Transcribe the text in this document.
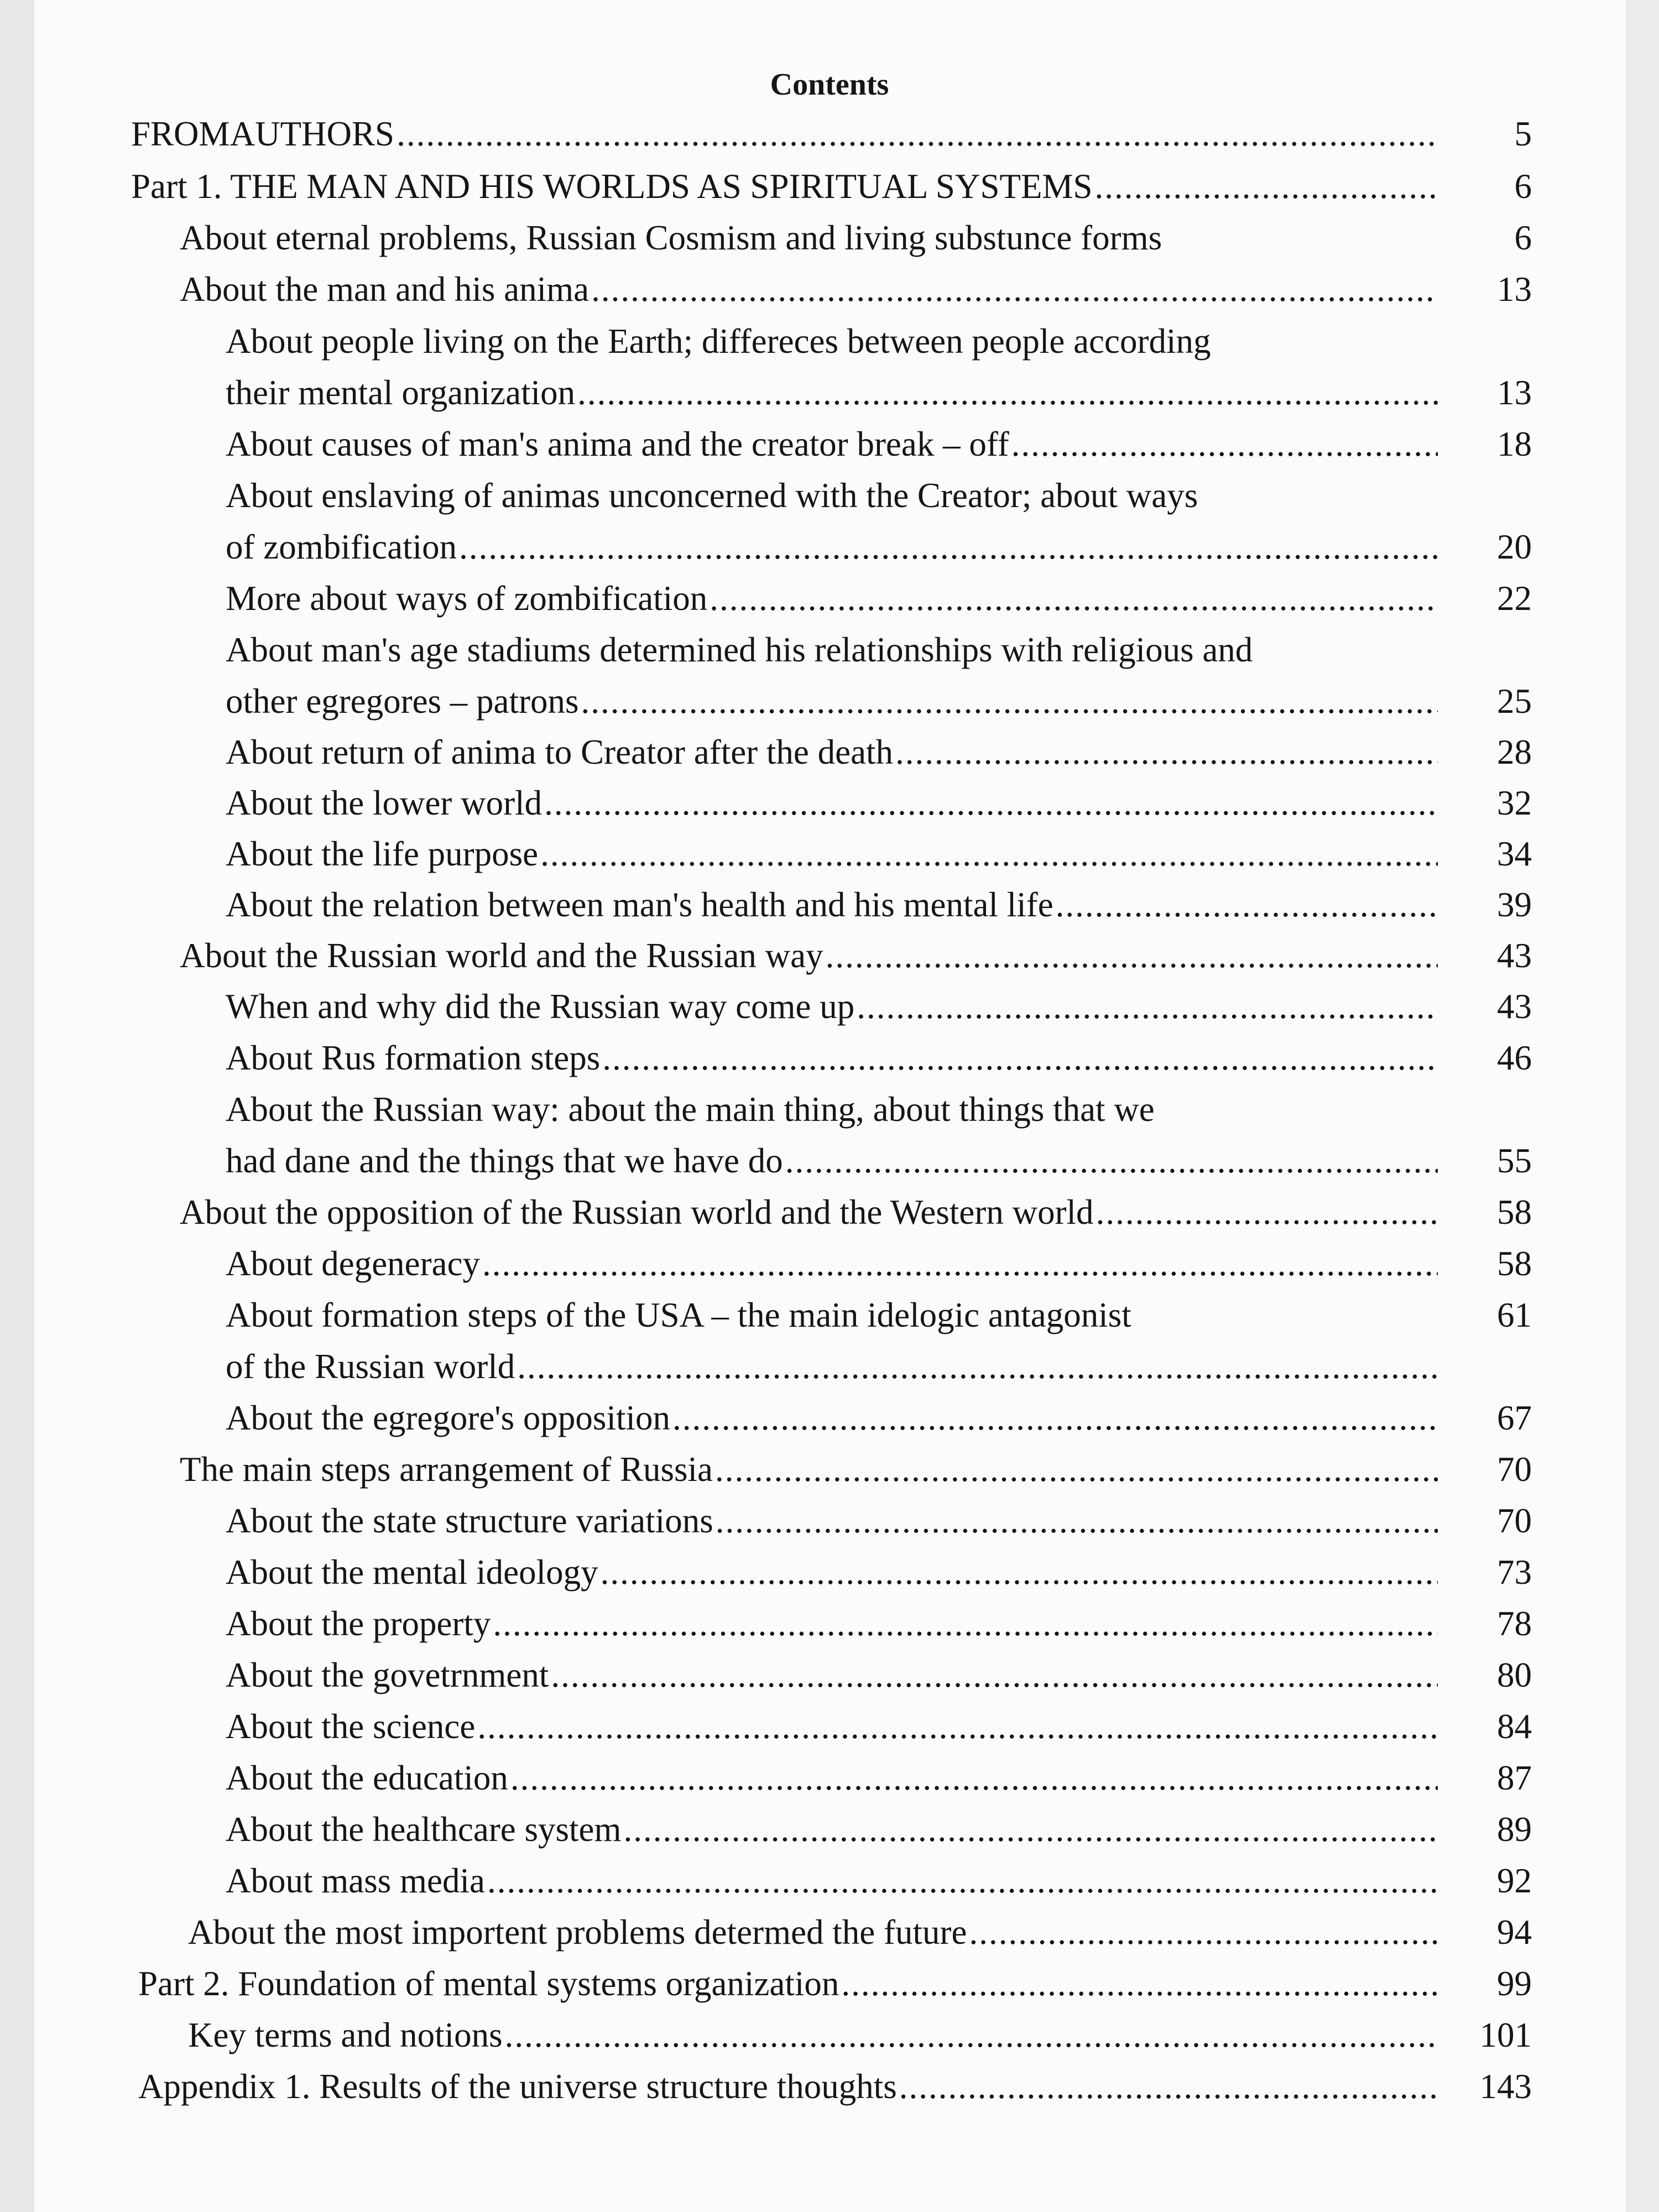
Contents
FROMAUTHORS .....	5
Part 1. THE MAN AND HIS WORLDS AS SPIRITUAL SYSTEMS .....	6
About eternal problems, Russian Cosmism and living substunce forms	6
About the man and his anima .....	13
About people living on the Earth; differeces between people according
their mental organization .....	13
About causes of man's anima and the creator break – off .....	18
About enslaving of animas unconcerned with the Creator; about ways
of zombification .....	20
More about ways of zombification .....	22
About man's age stadiums determined his relationships with religious and
other egregores – patrons .....	25
About return of anima to Creator after the death .....	28
About the lower world .....	32
About the life purpose .....	34
About the relation between man's health and his mental life .....	39
About the Russian world and the Russian way .....	43
When and why did the Russian way come up .....	43
About Rus formation steps .....	46
About the Russian way: about the main thing, about things that we
had dane and the things that we have do .....	55
About the opposition of the Russian world and the Western world .....	58
About degeneracy .....	58
About formation steps of the USA – the main idelogic antagonist	61
of the Russian world
.....
About the egregore's opposition .....	67
The main steps arrangement of Russia .....	70
About the state structure variations .....	70
About the mental ideology .....	73
About the property .....	78
About the govetrnment .....	80
About the science .....	84
About the education .....	87
About the healthcare system .....	89
About mass media .....	92
About the most importent problems determed the future .....	94
Part 2. Foundation of mental systems organization .....	99
Key terms and notions .....	101
Appendix 1. Results of the universe structure thoughts .....	143
